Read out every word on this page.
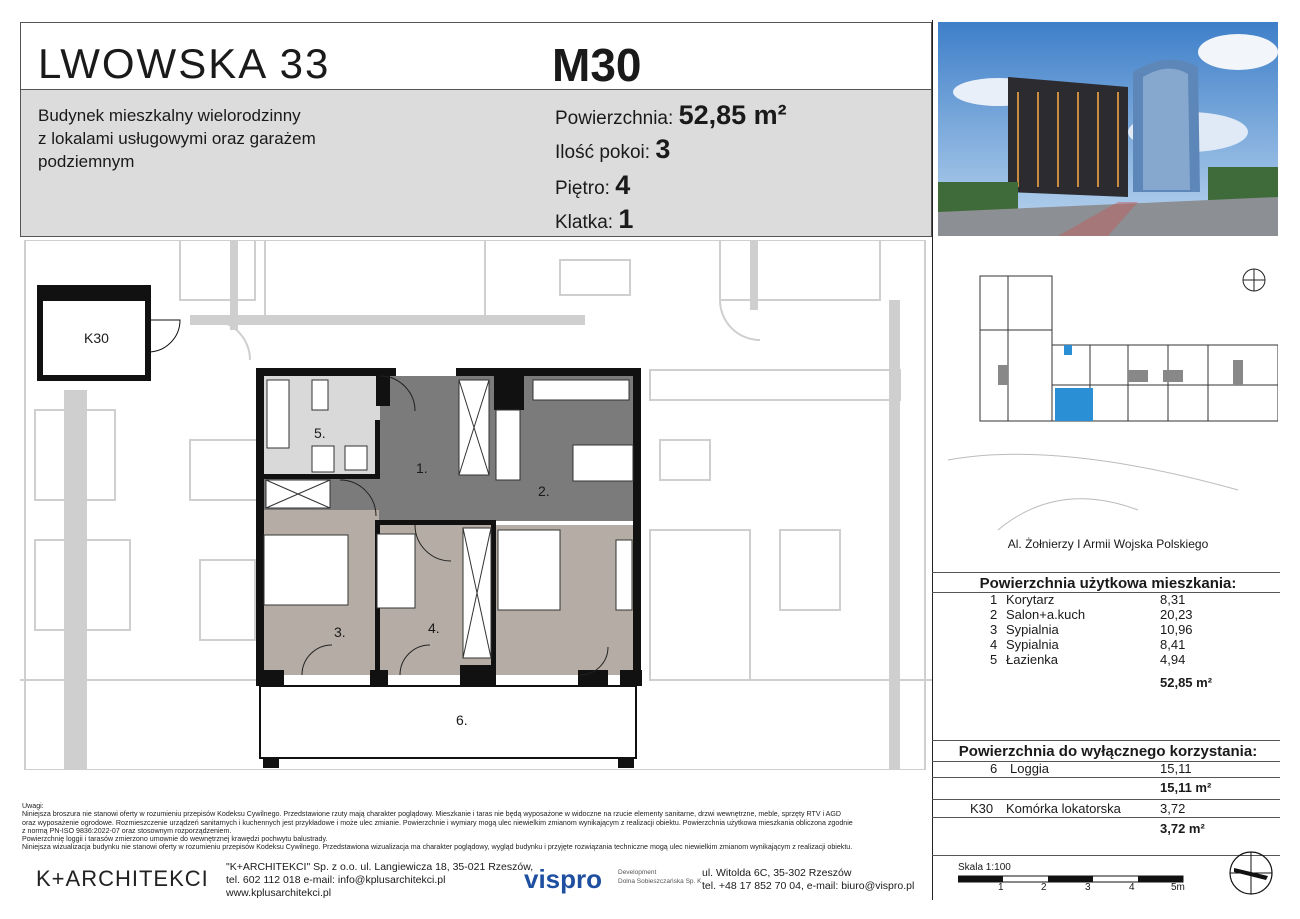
LWOWSKA 33	M30
Budynek mieszkalny wielorodzinny
z lokalami usługowymi oraz garażem
podziemnym
Powierzchnia: 52,85 m²
Ilość pokoi: 3
Piętro: 4
Klatka: 1
K30
5.
1.
2.
3.	4.
6.
Al. Żołnierzy I Armii Wojska Polskiego
Powierzchnia użytkowa mieszkania:
1 Korytarz	8,31
2 Salon+a.kuch	20,23
3 Sypialnia	10,96
4 Sypialnia	8,41
5 Łazienka	4,94
52,85 m²
Powierzchnia do wyłącznego korzystania:
6 Loggia	15,11
15,11 m²
K30 Komórka lokatorska	3,72
3,72 m²
Skala 1:100
1	2	3	4	5m
Uwagi:
Niniejsza broszura nie stanowi oferty w rozumieniu przepisów Kodeksu Cywilnego. Przedstawione rzuty mają charakter poglądowy. Mieszkanie i taras nie będą wyposażone w widoczne na rzucie elementy sanitarne, drzwi wewnętrzne, meble, sprzęty RTV i AGD
oraz wyposażenie ogrodowe. Rozmieszczenie urządzeń sanitarnych i kuchennych jest przykładowe i może ulec zmianie. Powierzchnie i wymiary mogą ulec niewielkim zmianom wynikającym z realizacji obiektu. Powierzchnia użytkowa mieszkania obliczona zgodnie
z normą PN-ISO 9836:2022-07 oraz stosownym rozporządzeniem.
Powierzchnię loggii i tarasów zmierzono umownie do wewnętrznej krawędzi pochwytu balustrady.
Niniejsza wizualizacja budynku nie stanowi oferty w rozumieniu przepisów Kodeksu Cywilnego. Przedstawiona wizualizacja ma charakter poglądowy, wygląd budynku i przyjęte rozwiązania techniczne mogą ulec niewielkim zmianom wynikającym z realizacji obiektu.
K+ARCHITEKCI "K+ARCHITEKCI" Sp. z o.o. ul. Langiewicza 18, 35-021 Rzeszów,
tel. 602 112 018 e-mail: info@kplusarchitekci.pl
www.kplusarchitekci.pl	vispro Development
Dolna Sobieszczańska Sp. K.
ul. Witolda 6C, 35-302 Rzeszów
tel. +48 17 852 70 04, e-mail: biuro@vispro.pl
